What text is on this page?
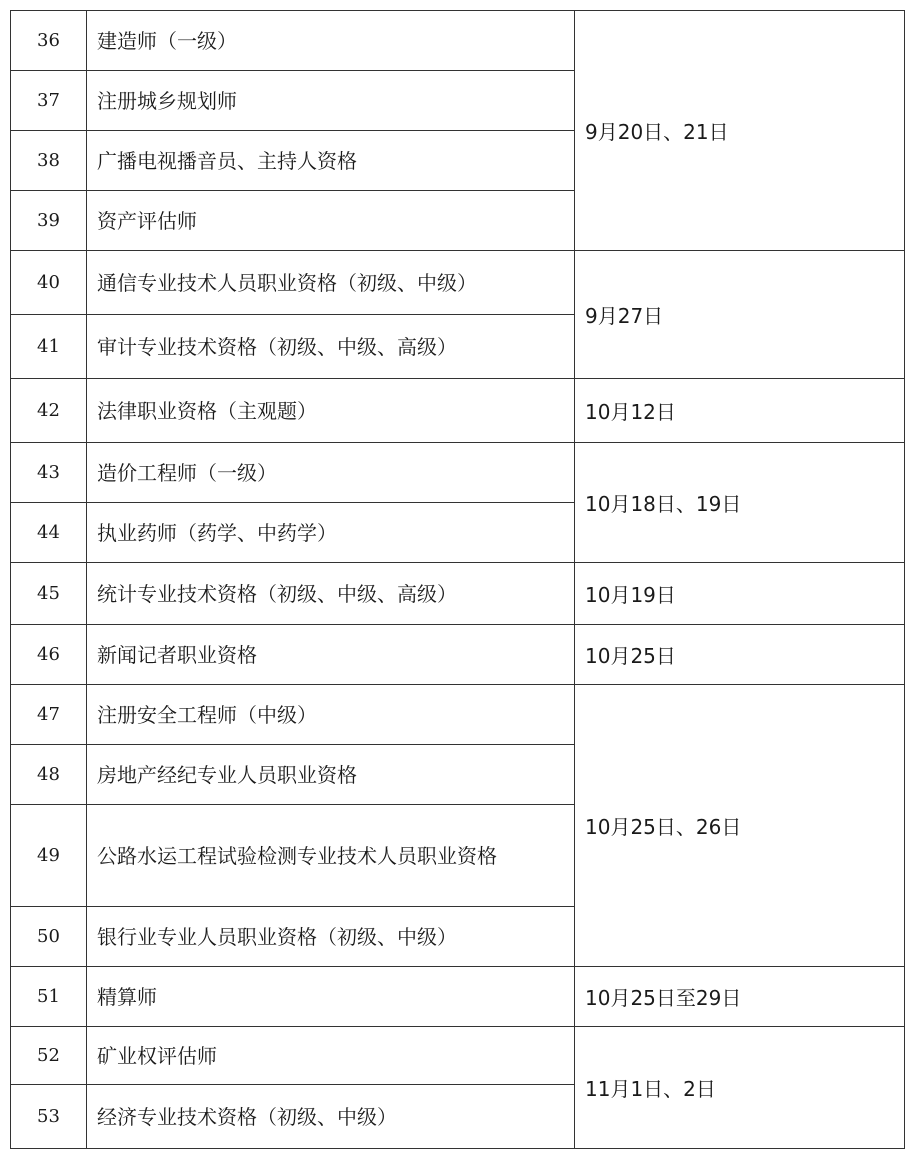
36	建造师（一级）	9月20日、21日
37	注册城乡规划师	
38	广播电视播音员、主持人资格	
39	资产评估师	
40	通信专业技术人员职业资格（初级、中级）	9月27日
41	审计专业技术资格（初级、中级、高级）	
42	法律职业资格（主观题）	10月12日
43	造价工程师（一级）	10月18日、19日
44	执业药师（药学、中药学）	
45	统计专业技术资格（初级、中级、高级）	10月19日
46	新闻记者职业资格	10月25日
47	注册安全工程师（中级）	10月25日、26日
48	房地产经纪专业人员职业资格	
49	公路水运工程试验检测专业技术人员职业资格	
50	银行业专业人员职业资格（初级、中级）	
51	精算师	10月25日至29日
52	矿业权评估师	11月1日、2日
53	经济专业技术资格（初级、中级）	
